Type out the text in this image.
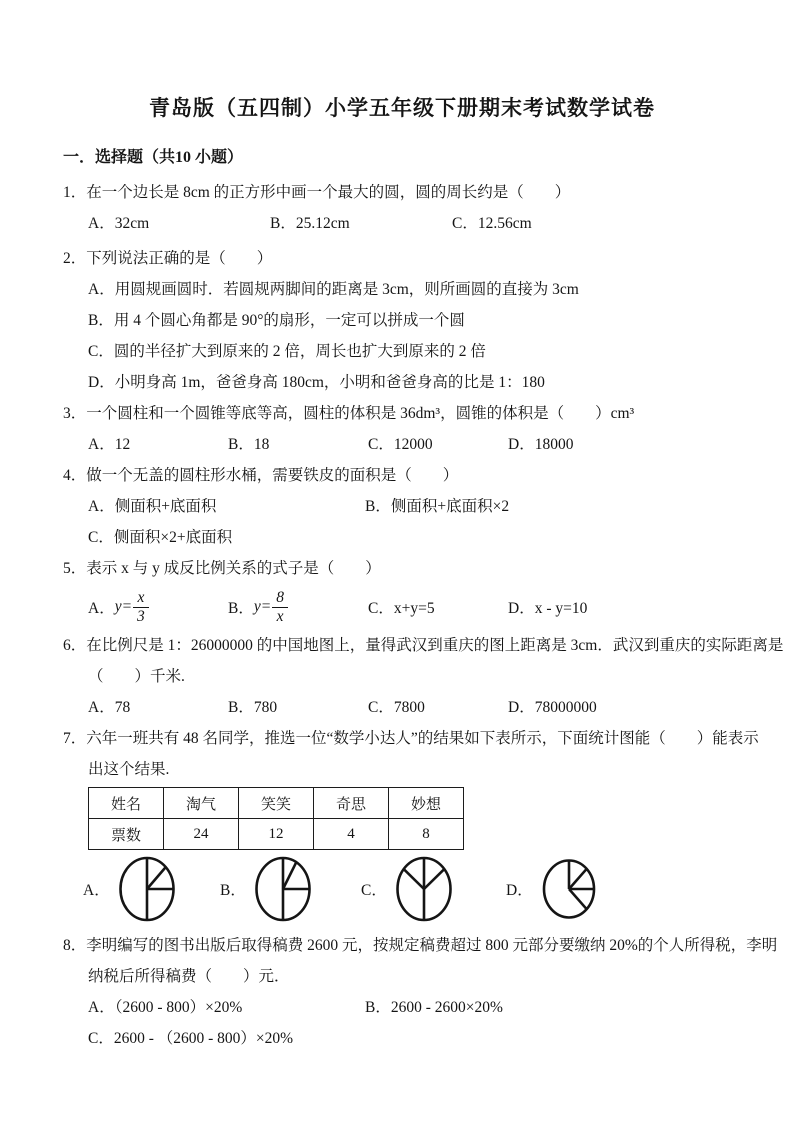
青岛版（五四制）小学五年级下册期末考试数学试卷
一．选择题（共10 小题）
1．在一个边长是 8cm 的正方形中画一个最大的圆，圆的周长约是（　　）
A．32cm	B．25.12cm	C．12.56cm
2．下列说法正确的是（　　）
A．用圆规画圆时．若圆规两脚间的距离是 3cm，则所画圆的直接为 3cm
B．用 4 个圆心角都是 90°的扇形，一定可以拼成一个圆
C．圆的半径扩大到原来的 2 倍，周长也扩大到原来的 2 倍
D．小明身高 1m，爸爸身高 180cm，小明和爸爸身高的比是 1：180
3．一个圆柱和一个圆锥等底等高，圆柱的体积是 36dm³，圆锥的体积是（　　）cm³
A．12	B．18	C．12000	D．18000
4．做一个无盖的圆柱形水桶，需要铁皮的面积是（　　）
A．侧面积+底面积	B．侧面积+底面积×2
C．侧面积×2+底面积
5．表示 x 与 y 成反比例关系的式子是（　　）
A． $y= \frac{x}{3}$	B． $y= \frac{8}{x}$	C．x+y=5	D．x - y=10
6．在比例尺是 1：26000000 的中国地图上，量得武汉到重庆的图上距离是 3cm．武汉到重庆的实际距离是
（　　）千米.
A．78	B．780	C．7800	D．78000000
7．六年一班共有 48 名同学，推选一位“数学小达人”的结果如下表所示，下面统计图能（　　）能表示
出这个结果.
姓名	淘气	笑笑	奇思	妙想
票数	24	12	4	8
A．	B．	C．	D．
8．李明编写的图书出版后取得稿费 2600 元，按规定稿费超过 800 元部分要缴纳 20%的个人所得税，李明
纳税后所得稿费（　　）元．
A．（2600 - 800）×20%	B．2600 - 2600×20%
C．2600 - （2600 - 800）×20%
